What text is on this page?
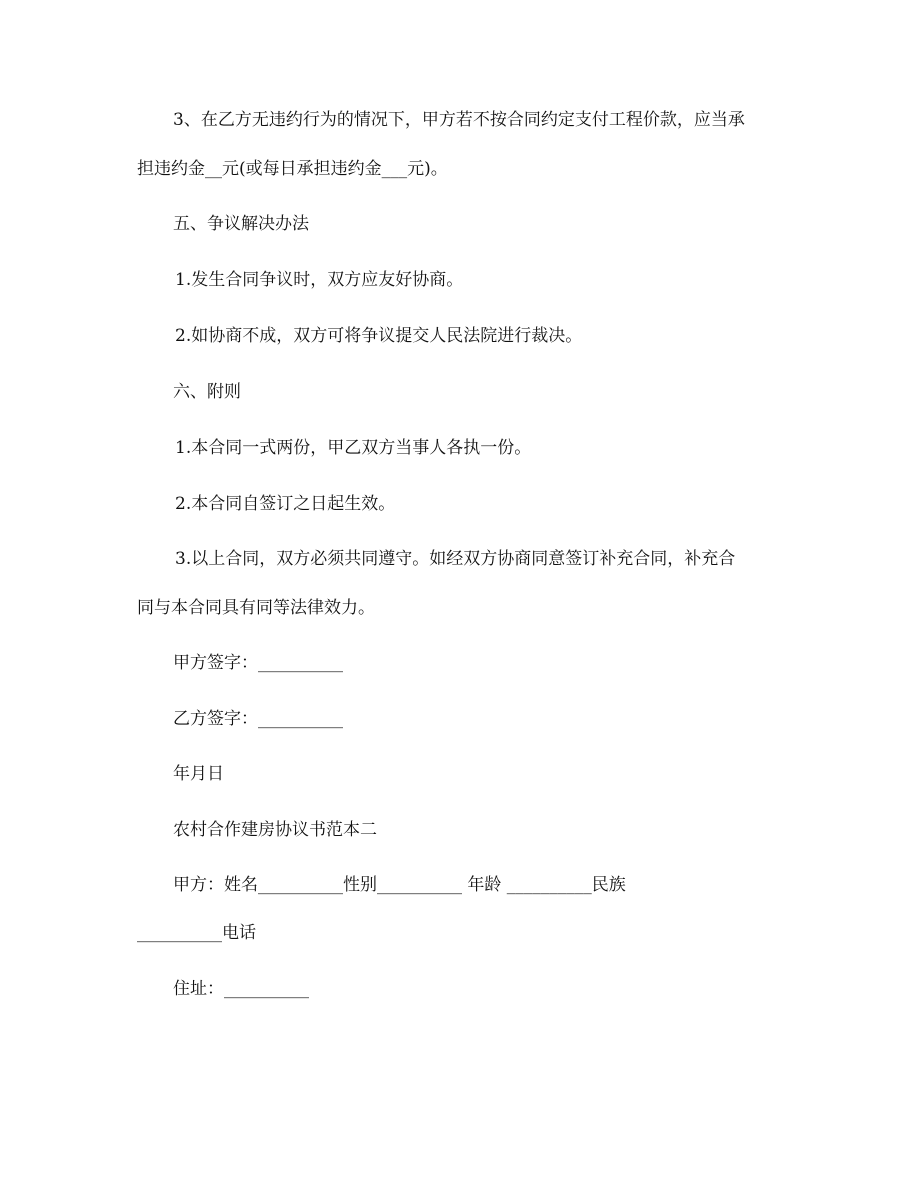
3、在乙方无违约行为的情况下，甲方若不按合同约定支付工程价款，应当承
担违约金__元(或每日承担违约金___元)。
五、争议解决办法
1.发生合同争议时，双方应友好协商。
2.如协商不成，双方可将争议提交人民法院进行裁决。
六、附则
1.本合同一式两份，甲乙双方当事人各执一份。
2.本合同自签订之日起生效。
3.以上合同，双方必须共同遵守。如经双方协商同意签订补充合同，补充合
同与本合同具有同等法律效力。
甲方签字：__________
乙方签字：__________
年月日
农村合作建房协议书范本二
甲方：姓名__________性别__________ 年龄 __________民族
__________电话
住址：__________
